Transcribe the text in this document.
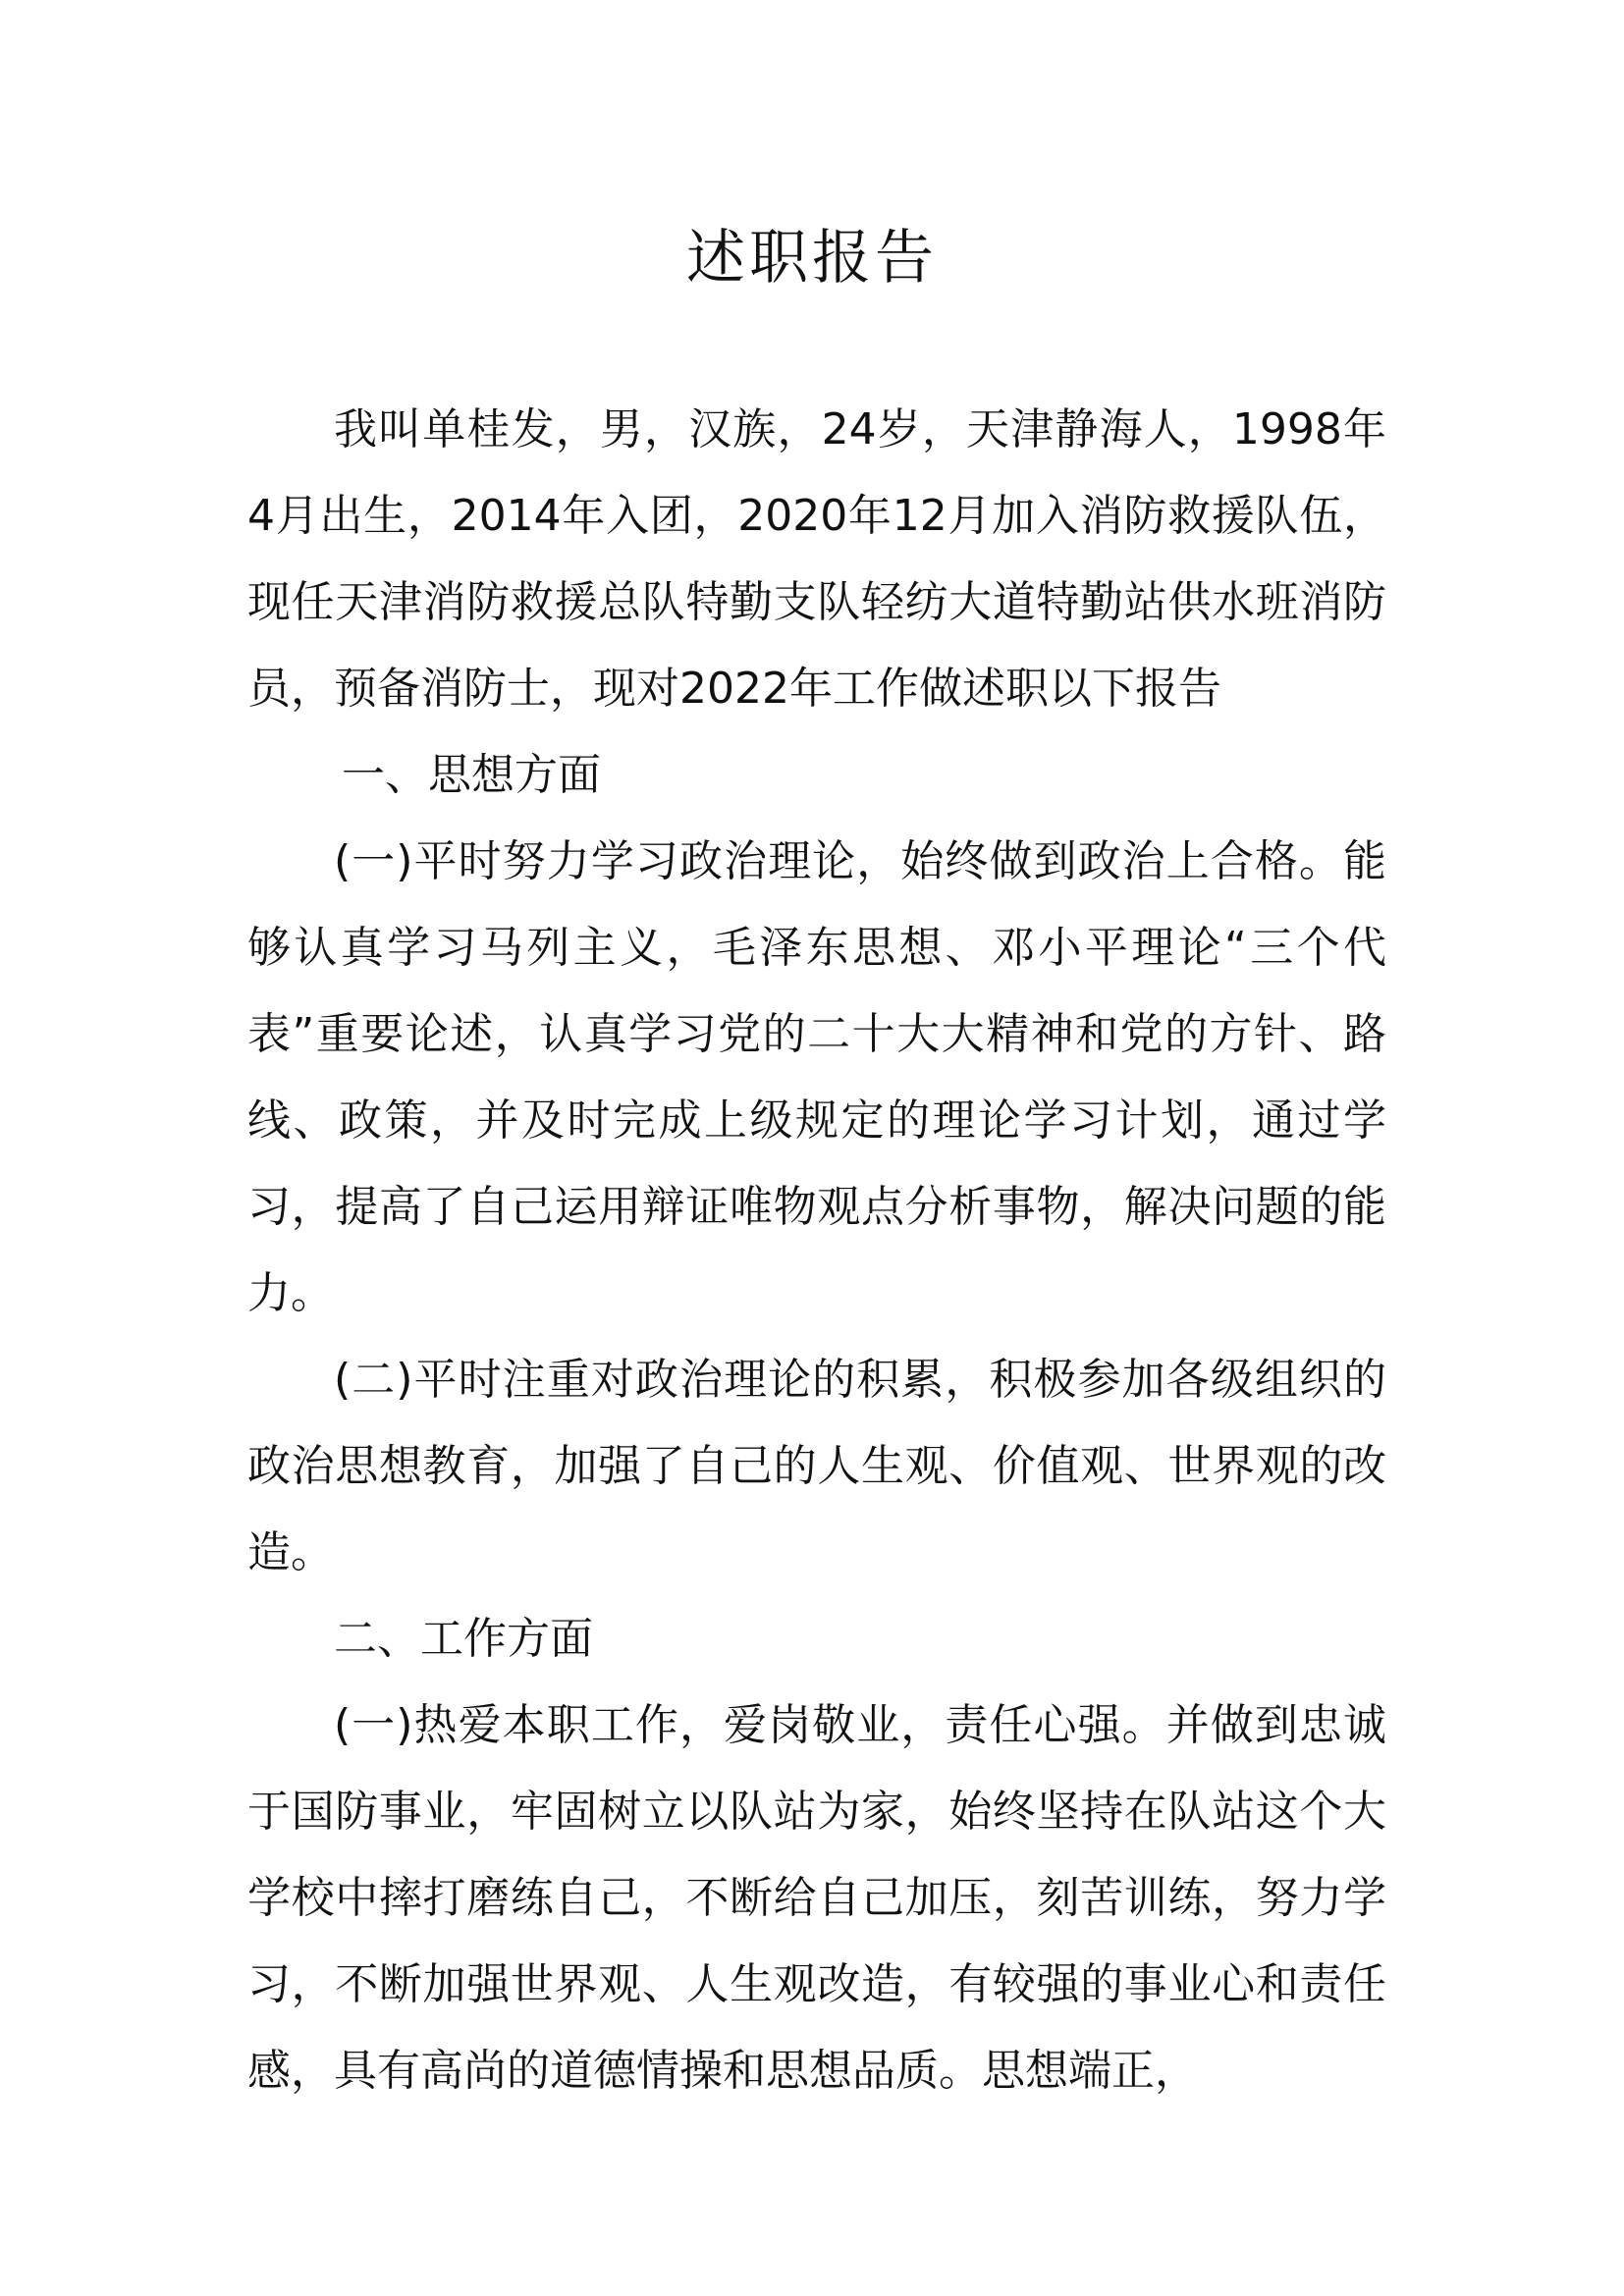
述职报告

我叫单桂发，男，汉族，24岁，天津静海人，1998年4月出生，2014年入团，2020年12月加入消防救援队伍，现任天津消防救援总队特勤支队轻纺大道特勤站供水班消防员，预备消防士，现对2022年工作做述职以下报告

一、思想方面

(一)平时努力学习政治理论，始终做到政治上合格。能够认真学习马列主义，毛泽东思想、邓小平理论“三个代表”重要论述，认真学习党的二十大大精神和党的方针、路线、政策，并及时完成上级规定的理论学习计划，通过学习，提高了自己运用辩证唯物观点分析事物，解决问题的能力。

(二)平时注重对政治理论的积累，积极参加各级组织的政治思想教育，加强了自己的人生观、价值观、世界观的改造。

二、工作方面

(一)热爱本职工作，爱岗敬业，责任心强。并做到忠诚于国防事业，牢固树立以队站为家，始终坚持在队站这个大学校中摔打磨练自己，不断给自己加压，刻苦训练，努力学习，不断加强世界观、人生观改造，有较强的事业心和责任感，具有高尚的道德情操和思想品质。思想端正，
